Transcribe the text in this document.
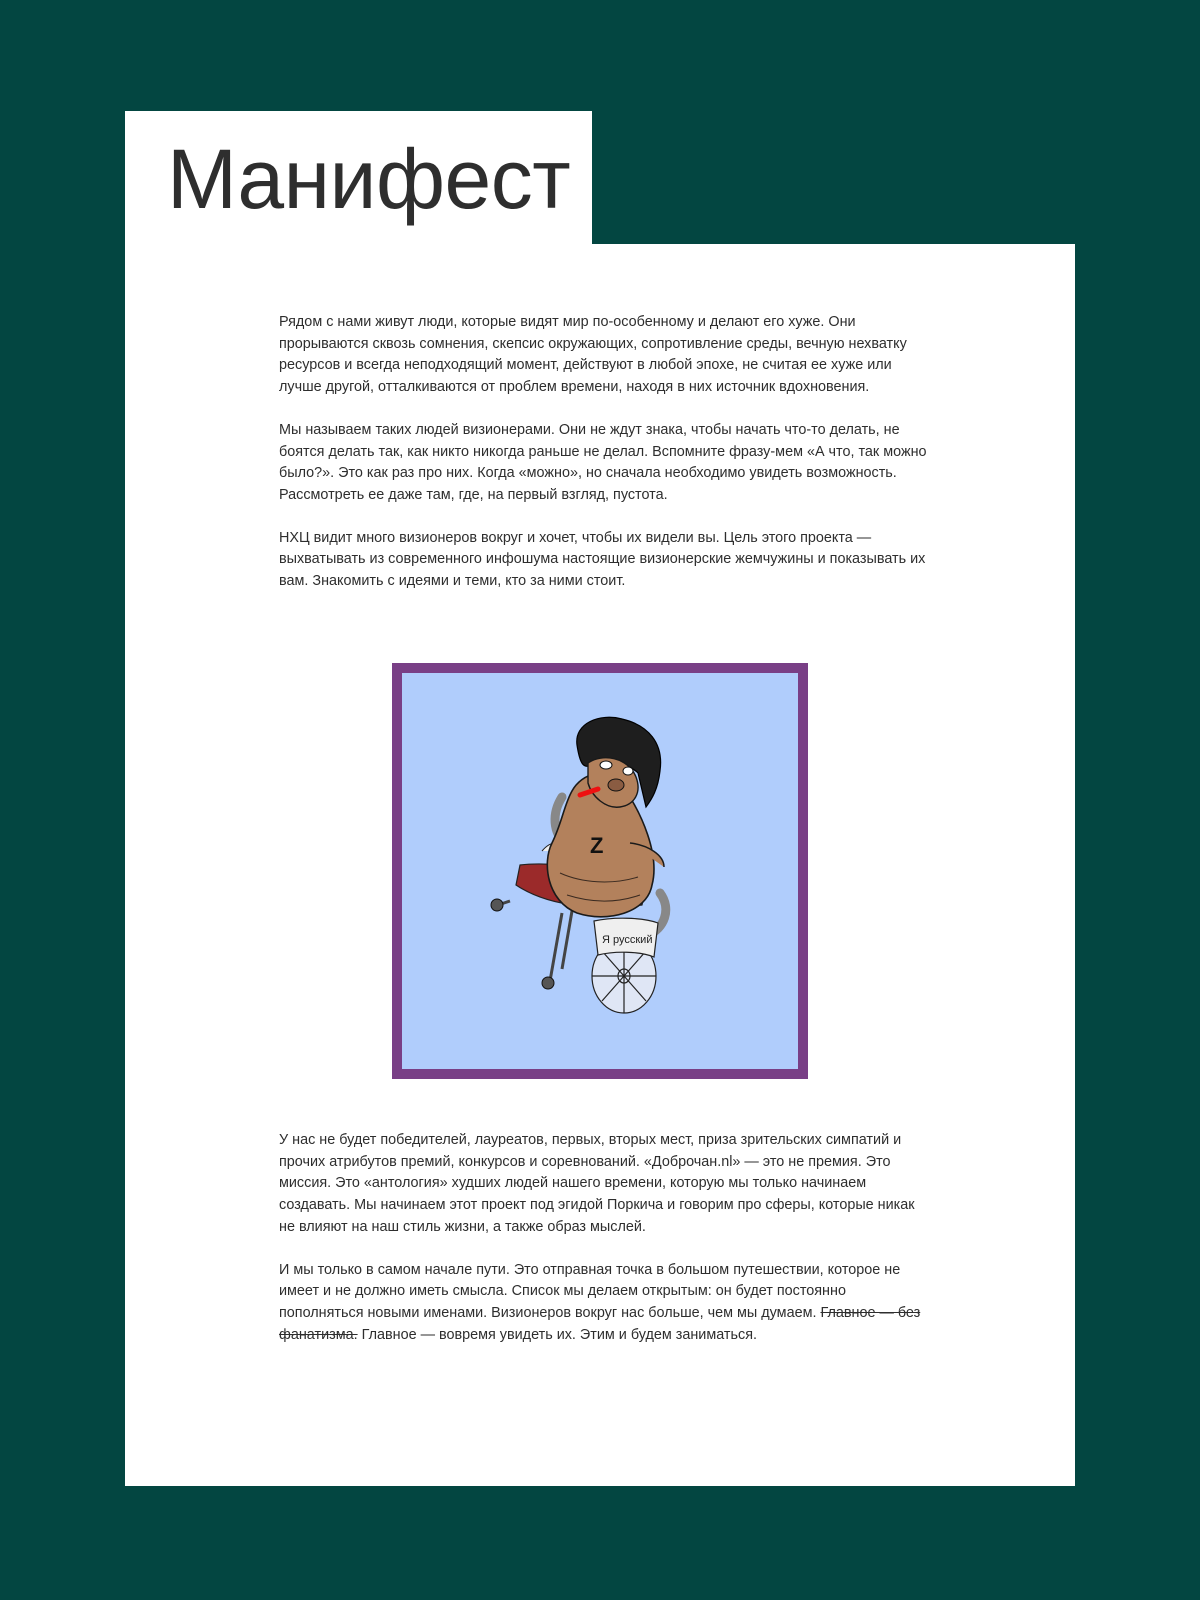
Манифест

Рядом с нами живут люди, которые видят мир по-особенному и делают его хуже. Они прорываются сквозь сомнения, скепсис окружающих, сопротивление среды, вечную нехватку ресурсов и всегда неподходящий момент, действуют в любой эпохе, не считая ее хуже или лучше другой, отталкиваются от проблем времени, находя в них источник вдохновения.

Мы называем таких людей визионерами. Они не ждут знака, чтобы начать что-то делать, не боятся делать так, как никто никогда раньше не делал. Вспомните фразу-мем «А что, так можно было?». Это как раз про них. Когда «можно», но сначала необходимо увидеть возможность. Рассмотреть ее даже там, где, на первый взгляд, пустота.

НХЦ видит много визионеров вокруг и хочет, чтобы их видели вы. Цель этого проекта — выхватывать из современного инфошума настоящие визионерские жемчужины и показывать их вам. Знакомить с идеями и теми, кто за ними стоит.

Z
Я русский

У нас не будет победителей, лауреатов, первых, вторых мест, приза зрительских симпатий и прочих атрибутов премий, конкурсов и соревнований. «Доброчан.nl» — это не премия. Это миссия. Это «антология» худших людей нашего времени, которую мы только начинаем создавать. Мы начинаем этот проект под эгидой Поркича и говорим про сферы, которые никак не влияют на наш стиль жизни, а также образ мыслей.

И мы только в самом начале пути. Это отправная точка в большом путешествии, которое не имеет и не должно иметь смысла. Список мы делаем открытым: он будет постоянно пополняться новыми именами. Визионеров вокруг нас больше, чем мы думаем. Главное — без фанатизма. Главное — вовремя увидеть их. Этим и будем заниматься.
